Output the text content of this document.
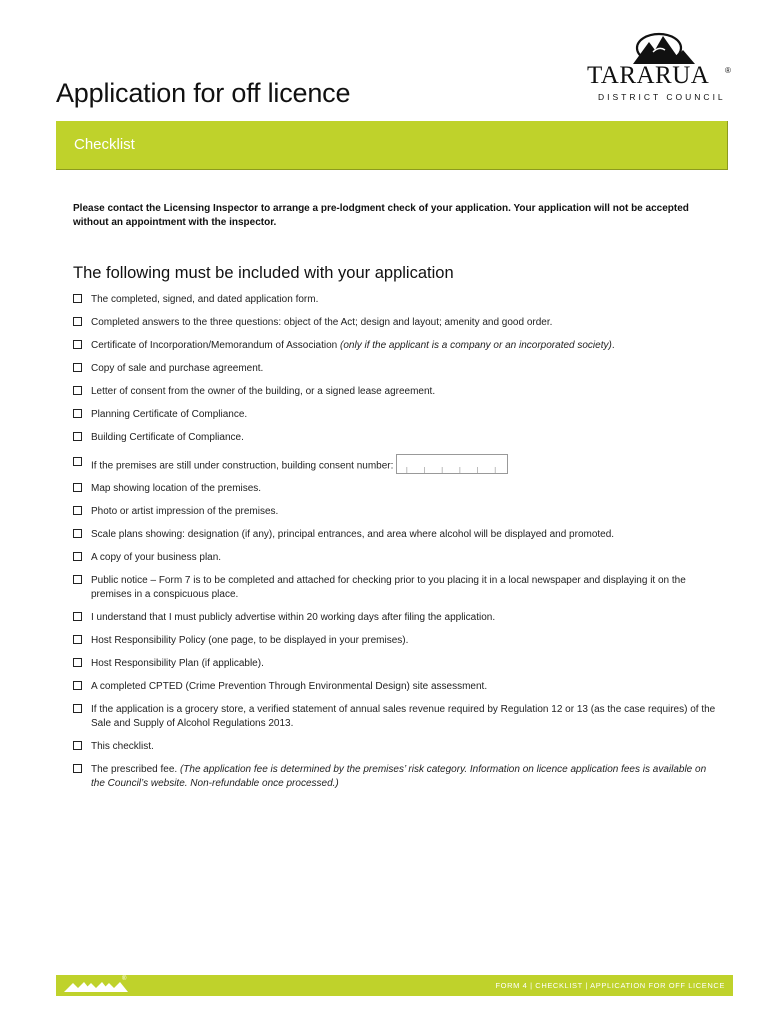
Application for off licence
TARARUA ®
DISTRICT COUNCIL
Checklist

Please contact the Licensing Inspector to arrange a pre-lodgment check of your application. Your application will not be accepted without an appointment with the inspector.

The following must be included with your application
The completed, signed, and dated application form.
Completed answers to the three questions: object of the Act; design and layout; amenity and good order.
Certificate of Incorporation/Memorandum of Association (only if the applicant is a company or an incorporated society).
Copy of sale and purchase agreement.
Letter of consent from the owner of the building, or a signed lease agreement.
Planning Certificate of Compliance.
Building Certificate of Compliance.
If the premises are still under construction, building consent number:
Map showing location of the premises.
Photo or artist impression of the premises.
Scale plans showing: designation (if any), principal entrances, and area where alcohol will be displayed and promoted.
A copy of your business plan.
Public notice – Form 7 is to be completed and attached for checking prior to you placing it in a local newspaper and displaying it on the premises in a conspicuous place.
I understand that I must publicly advertise within 20 working days after filing the application.
Host Responsibility Policy (one page, to be displayed in your premises).
Host Responsibility Plan (if applicable).
A completed CPTED (Crime Prevention Through Environmental Design) site assessment.
If the application is a grocery store, a verified statement of annual sales revenue required by Regulation 12 or 13 (as the case requires) of the Sale and Supply of Alcohol Regulations 2013.
This checklist.
The prescribed fee. (The application fee is determined by the premises’ risk category. Information on licence application fees is available on the Council’s website. Non-refundable once processed.)
®
FORM 4 | CHECKLIST | APPLICATION FOR OFF LICENCE
